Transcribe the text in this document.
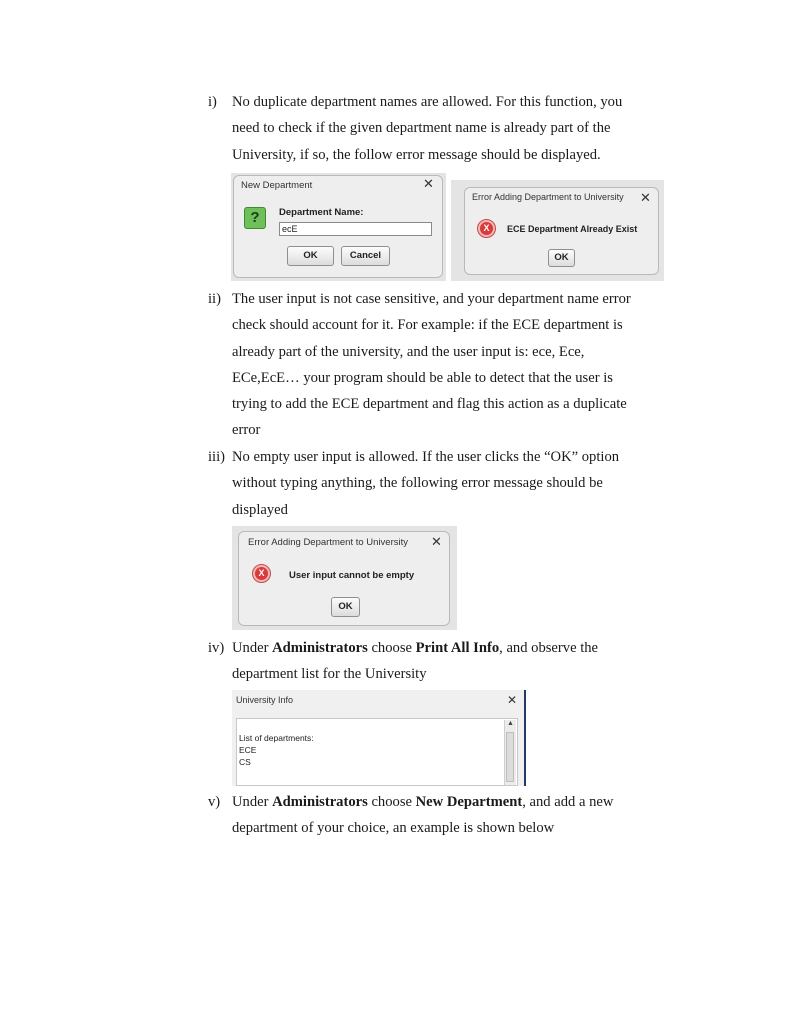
i) No duplicate department names are allowed. For this function, you
need to check if the given department name is already part of the
University, if so, the follow error message should be displayed.
New Department	✕
?	Department Name:
ecE
OK	Cancel
Error Adding Department to University ✕
X	ECE Department Already Exist
OK
ii) The user input is not case sensitive, and your department name error
check should account for it. For example: if the ECE department is
already part of the university, and the user input is: ece, Ece,
ECe,EcE… your program should be able to detect that the user is
trying to add the ECE department and flag this action as a duplicate
error
iii) No empty user input is allowed. If the user clicks the “OK” option
without typing anything, the following error message should be
displayed
Error Adding Department to University ✕
X	User input cannot be empty
OK
iv) Under Administrators choose Print All Info, and observe the
department list for the University
University Info	✕
List of departments:
ECE
CS
▲
v) Under Administrators choose New Department, and add a new
department of your choice, an example is shown below
